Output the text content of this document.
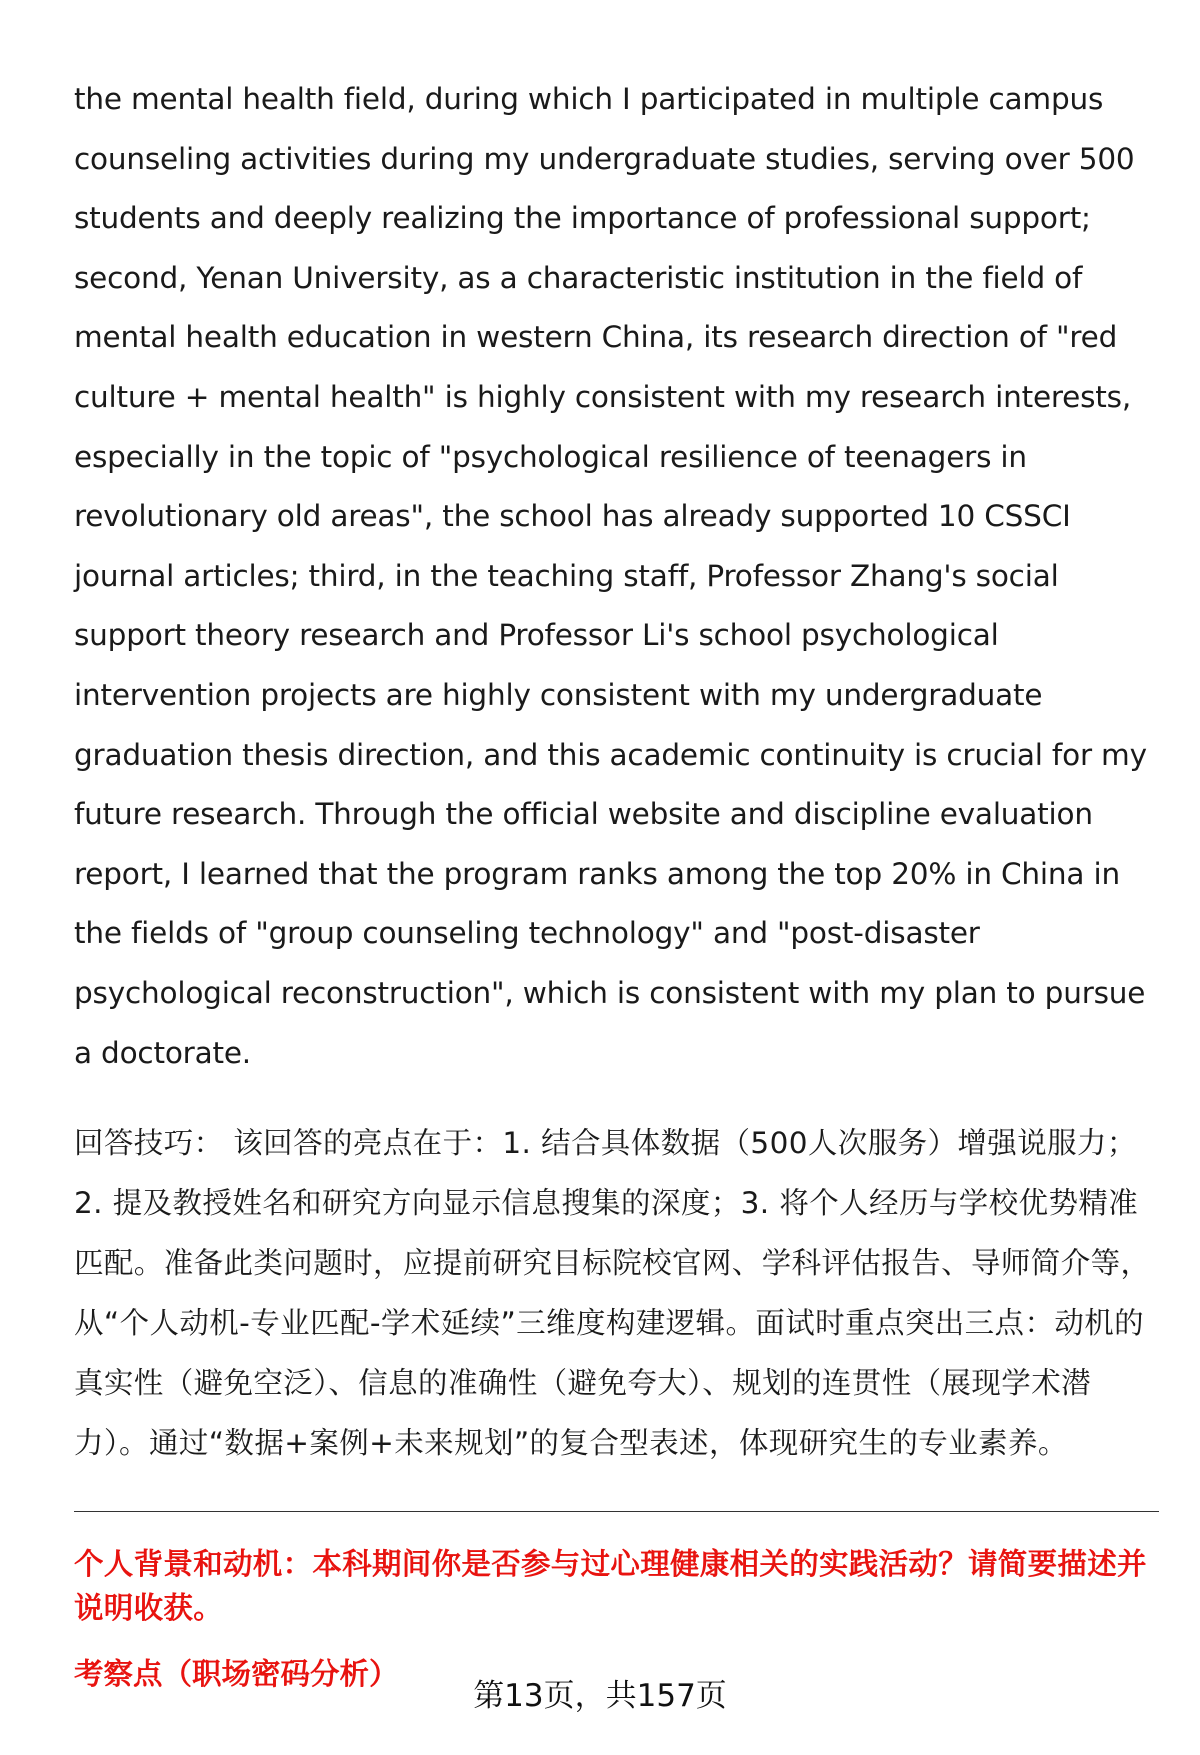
the mental health field, during which I participated in multiple campus counseling activities during my undergraduate studies, serving over 500 students and deeply realizing the importance of professional support; second, Yenan University, as a characteristic institution in the field of mental health education in western China, its research direction of "red culture + mental health" is highly consistent with my research interests, especially in the topic of "psychological resilience of teenagers in revolutionary old areas", the school has already supported 10 CSSCI journal articles; third, in the teaching staff, Professor Zhang's social support theory research and Professor Li's school psychological intervention projects are highly consistent with my undergraduate graduation thesis direction, and this academic continuity is crucial for my future research. Through the official website and discipline evaluation report, I learned that the program ranks among the top 20% in China in the fields of "group counseling technology" and "post-disaster psychological reconstruction", which is consistent with my plan to pursue a doctorate.

回答技巧： 该回答的亮点在于：1. 结合具体数据（500人次服务）增强说服力；2. 提及教授姓名和研究方向显示信息搜集的深度；3. 将个人经历与学校优势精准匹配。准备此类问题时，应提前研究目标院校官网、学科评估报告、导师简介等，从“个人动机-专业匹配-学术延续”三维度构建逻辑。面试时重点突出三点：动机的真实性（避免空泛）、信息的准确性（避免夸大）、规划的连贯性（展现学术潜力）。通过“数据+案例+未来规划”的复合型表述，体现研究生的专业素养。

个人背景和动机：本科期间你是否参与过心理健康相关的实践活动？请简要描述并说明收获。
考察点（职场密码分析）
第13页，共157页
